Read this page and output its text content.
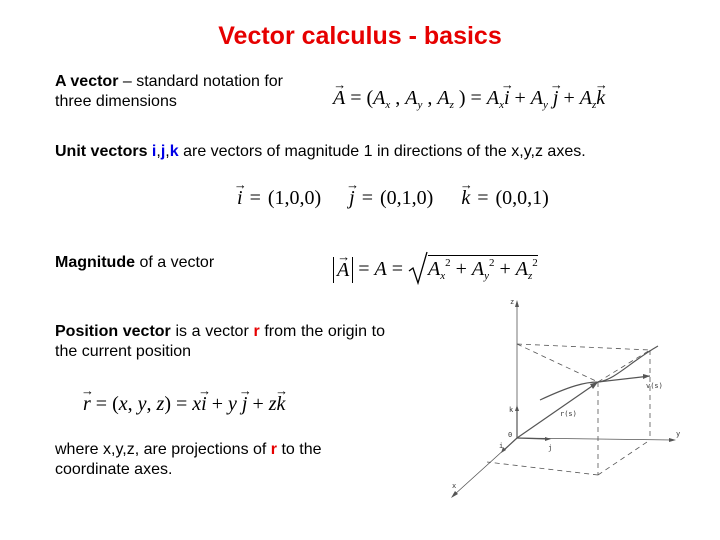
Vector calculus - basics
A vector – standard notation for three dimensions	→ $A = (A_x$ , $A_y$ , $A_z$ ) = $A_x\to i + A_y \to j + A_z\to k$
Unit vectors i,j,k are vectors of magnitude 1 in directions of the x,y,z axes.
→ i = (1,0,0)    → j = (0,1,0)    → k = (0,0,1)
Magnitude of a vector	→ $A = A = A_x^2 + A_y^2 + A_z^2$
Position vector is a vector r from the origin to the current position
→ r = (x, y, z) = x→ i + y → j + z→ k
where x,y,z, are projections of r to the coordinate axes.
z
y
x
0
i	j
k	r(s)
v(s)
